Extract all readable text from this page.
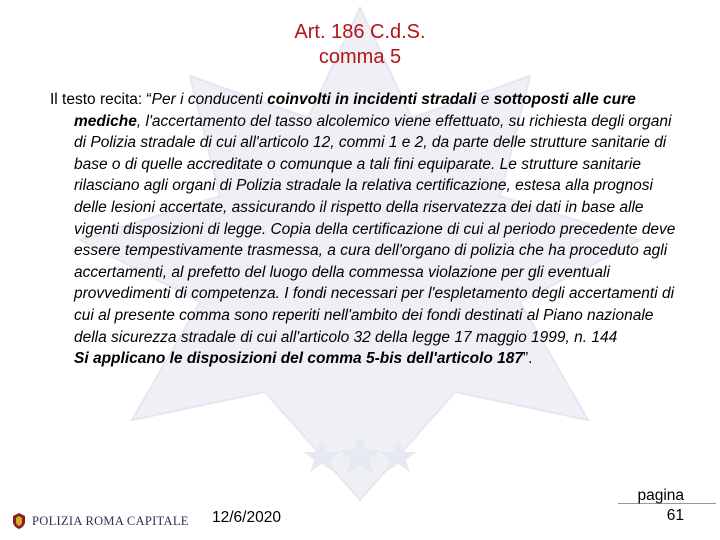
Art. 186 C.d.S.
comma 5
Il testo recita: “Per i conducenti coinvolti in incidenti stradali e sottoposti alle cure mediche, l'accertamento del tasso alcolemico viene effettuato, su richiesta degli organi di Polizia stradale di cui all'articolo 12, commi 1 e 2, da parte delle strutture sanitarie di base o di quelle accreditate o comunque a tali fini equiparate. Le strutture sanitarie rilasciano agli organi di Polizia stradale la relativa certificazione, estesa alla prognosi delle lesioni accertate, assicurando il rispetto della riservatezza dei dati in base alle vigenti disposizioni di legge. Copia della certificazione di cui al periodo precedente deve essere tempestivamente trasmessa, a cura dell'organo di polizia che ha proceduto agli accertamenti, al prefetto del luogo della commessa violazione per gli eventuali provvedimenti di competenza. I fondi necessari per l'espletamento degli accertamenti di cui al presente comma sono reperiti nell'ambito dei fondi destinati al Piano nazionale della sicurezza stradale di cui all'articolo 32 della legge 17 maggio 1999, n. 144
Si applicano le disposizioni del comma 5-bis dell'articolo 187”.
POLIZIA ROMA CAPITALE 12/6/2020
pagina
61
